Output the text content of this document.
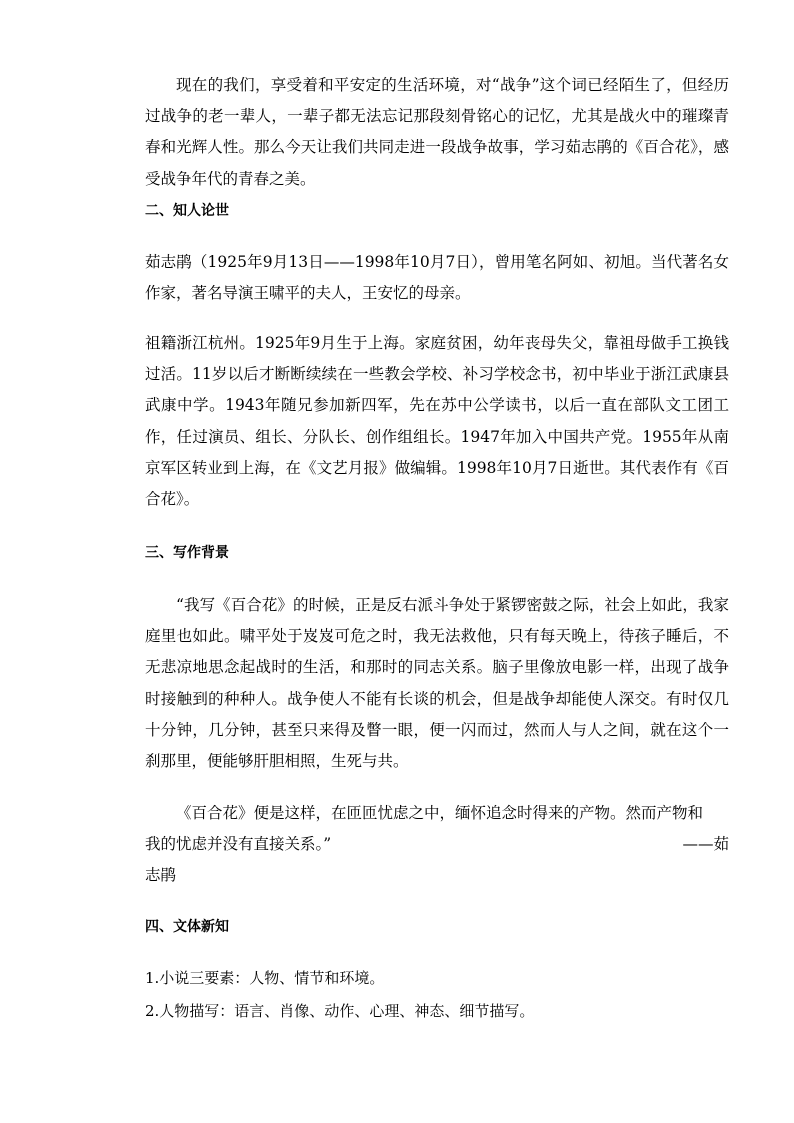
现在的我们，享受着和平安定的生活环境，对“战争”这个词已经陌生了，但经历过战争的老一辈人，一辈子都无法忘记那段刻骨铭心的记忆，尤其是战火中的璀璨青春和光辉人性。那么今天让我们共同走进一段战争故事，学习茹志鹃的《百合花》，感受战争年代的青春之美。

二、知人论世

茹志鹃（1925年9月13日——1998年10月7日），曾用笔名阿如、初旭。当代著名女作家，著名导演王啸平的夫人，王安忆的母亲。

祖籍浙江杭州。1925年9月生于上海。家庭贫困，幼年丧母失父，靠祖母做手工换钱过活。11岁以后才断断续续在一些教会学校、补习学校念书，初中毕业于浙江武康县武康中学。1943年随兄参加新四军，先在苏中公学读书，以后一直在部队文工团工作，任过演员、组长、分队长、创作组组长。1947年加入中国共产党。1955年从南京军区转业到上海，在《文艺月报》做编辑。1998年10月7日逝世。其代表作有《百合花》。

三、写作背景

“我写《百合花》的时候，正是反右派斗争处于紧锣密鼓之际，社会上如此，我家庭里也如此。啸平处于岌岌可危之时，我无法救他，只有每天晚上，待孩子睡后，不无悲凉地思念起战时的生活，和那时的同志关系。脑子里像放电影一样，出现了战争时接触到的种种人。战争使人不能有长谈的机会，但是战争却能使人深交。有时仅几十分钟，几分钟，甚至只来得及瞥一眼，便一闪而过，然而人与人之间，就在这个一刹那里，便能够肝胆相照，生死与共。

《百合花》便是这样，在匝匝忧虑之中，缅怀追念时得来的产物。然而产物和
我的忧虑并没有直接关系。”	——茹
志鹃
四、文体新知
1.小说三要素：人物、情节和环境。
2.人物描写：语言、肖像、动作、心理、神态、细节描写。
